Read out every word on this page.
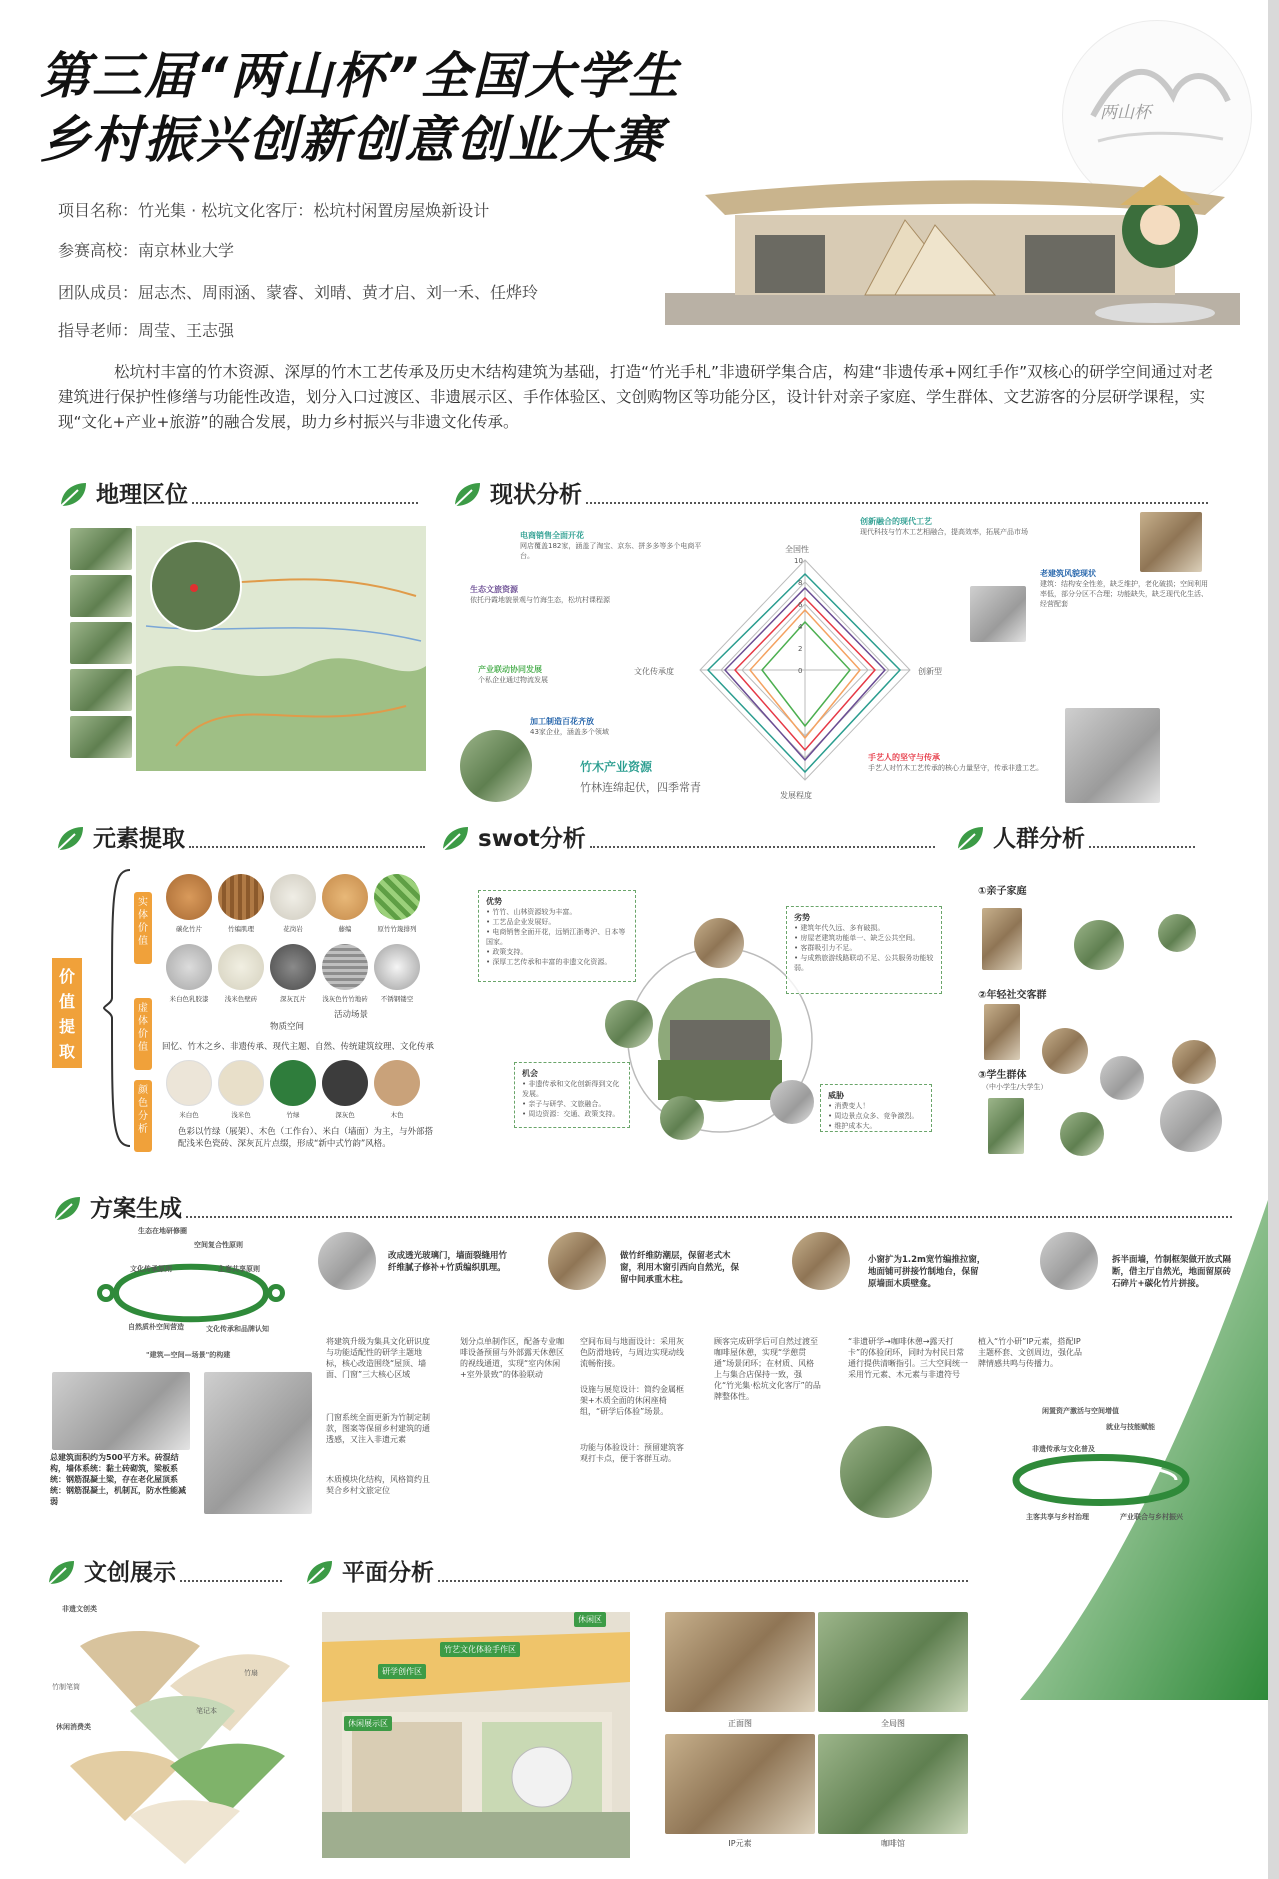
第三届“两山杯”全国大学生
乡村振兴创新创意创业大赛	两山杯
项目名称：竹光集 · 松坑文化客厅：松坑村闲置房屋焕新设计
参赛高校：南京林业大学
团队成员：屈志杰、周雨涵、蒙睿、刘晴、黄才启、刘一禾、任烨玲
指导老师：周莹、王志强
松坑村丰富的竹木资源、深厚的竹木工艺传承及历史木结构建筑为基础，打造“竹光手札”非遗研学集合店，构建“非遗传承+网红手作”双核心的研学空间通过对老建筑进行保护性修缮与功能性改造，划分入口过渡区、非遗展示区、手作体验区、文创购物区等功能分区，设计针对亲子家庭、学生群体、文艺游客的分层研学课程，实现“文化+产业+旅游”的融合发展，助力乡村振兴与非遗文化传承。
地理区位	现状分析
全国性
创新型
发展程度
文化传承度
10
8
6
4
2
0
电商销售全面开花
网店覆盖182家，涵盖了淘宝、京东、拼多多等多个电商平台。
生态文旅资源
依托丹霞地貌景观与竹海生态，松坑村课程源
产业联动协同发展
个私企业通过物流发展
加工制造百花齐放
43家企业，涵盖多个领域
竹木产业资源
竹林连绵起伏，四季常青
创新融合的现代工艺
现代科技与竹木工艺相融合，提高效率，拓展产品市场
老建筑风貌现状
建筑：结构安全性差，缺乏维护，老化破损；空间利用率低，部分分区不合理；功能缺失，缺乏现代化生活、经营配套
手艺人的坚守与传承
手艺人对竹木工艺传承的核心力量坚守，传承非遗工艺。
元素提取
价值提取
实体价值
虚体价值
颜色分析
碳化竹片	竹编肌理	花岗岩	藤编	原竹竹篾排列
米白色乳胶漆	浅米色壁砖	深灰瓦片	浅灰色竹竹地砖	不锈钢镂空
物质空间
活动场景
回忆、竹木之乡、非遗传承、现代主题、自然、传统建筑纹理、文化传承
米白色	浅米色	竹绿	深灰色	木色
色彩以竹绿（展架）、木色（工作台）、米白（墙面）为主，与外部搭配浅米色瓷砖、深灰瓦片点缀，形成“新中式竹韵”风格。
swot分析
优势
• 竹竹、山林资源较为丰富。
• 工艺品企业发展好。
• 电商销售全面开花，远销江浙粤沪、日本等国家。
• 政策支持。
• 深厚工艺传承和丰富的非遗文化资源。
劣势
• 建筑年代久远、多有破损。
• 房屋老建筑功能单一、缺乏公共空间。
• 客群吸引力不足。
• 与成熟旅游线路联动不足、公共服务功能较弱。
机会
• 非遗传承和文化创新得到文化发展。
• 亲子与研学、文旅融合。
• 周边资源：交通、政策支持。
威胁
• 消费变人！
• 周边景点众多、竞争激烈。
• 维护成本大。
人群分析
①亲子家庭
②年轻社交客群
③学生群体
（中小学生/大学生）
方案生成
生态在地研修圈
空间复合性原则
文化传承原则	主客共享原则
自然质朴空间营造	文化传承和品牌认知
"建筑—空间—场景"的构建
改成透光玻璃门，墙面裂缝用竹纤维腻子修补+竹质编织肌理。
做竹纤维防潮层，保留老式木窗，利用木窗引西向自然光，保留中间承重木柱。
小窗扩为1.2m宽竹编推拉窗，地面铺可拼接竹制地台，保留原墙面木质壁龛。
拆半面墙，竹制框架做开放式隔断，借主厅自然光，地面留原砖石碎片+碳化竹片拼接。
总建筑面积约为500平方米。砖混结构，墙体系统：黏土砖砌筑，梁板系统：钢筋混凝土梁，存在老化屋顶系统：钢筋混凝土，机制瓦，防水性能减弱
将建筑升级为集具文化研识度与功能适配性的研学主题地标，核心改造围绕“屋顶、墙面、门窗”三大核心区域
门窗系统全面更新为竹制定制款，图案等保留乡村建筑的通透感，又注入非遗元素
木质模块化结构，风格简约且契合乡村文旅定位
划分点单制作区，配备专业咖啡设备预留与外部露天休憩区的视线通道，实现“室内休闲+室外景致”的体验联动
空间布局与地面设计：采用灰色防滑地砖，与周边实现动线流畅衔接。
设施与展览设计：简约金属框架+木质全面的休闲座椅组，“研学后体验”场景。
功能与体验设计：预留建筑客观打卡点，便于客群互动。
顾客完成研学后可自然过渡至咖啡屋休憩，实现“学憩贯通”场景闭环；在材质、风格上与集合店保持一致，强化“竹光集·松坑文化客厅”的品牌整体性。
“非遗研学→咖啡休憩→露天打卡”的体验闭环，同时为村民日常通行提供清晰指引。三大空间统一采用竹元素、木元素与非遗符号
植入“竹小研”IP元素，搭配IP主题杯套、文创周边，强化品牌情感共鸣与传播力。
闲置资产激活与空间增值
就业与技能赋能
非遗传承与文化普及
主客共享与乡村治理	产业联合与乡村振兴
文创展示
非遗文创类
竹扇
竹制笔筒
笔记本
休闲消费类
平面分析
研学创作区
竹艺文化体验手作区
休闲区
休闲展示区	正面图	全局图
IP元素	咖啡馆
